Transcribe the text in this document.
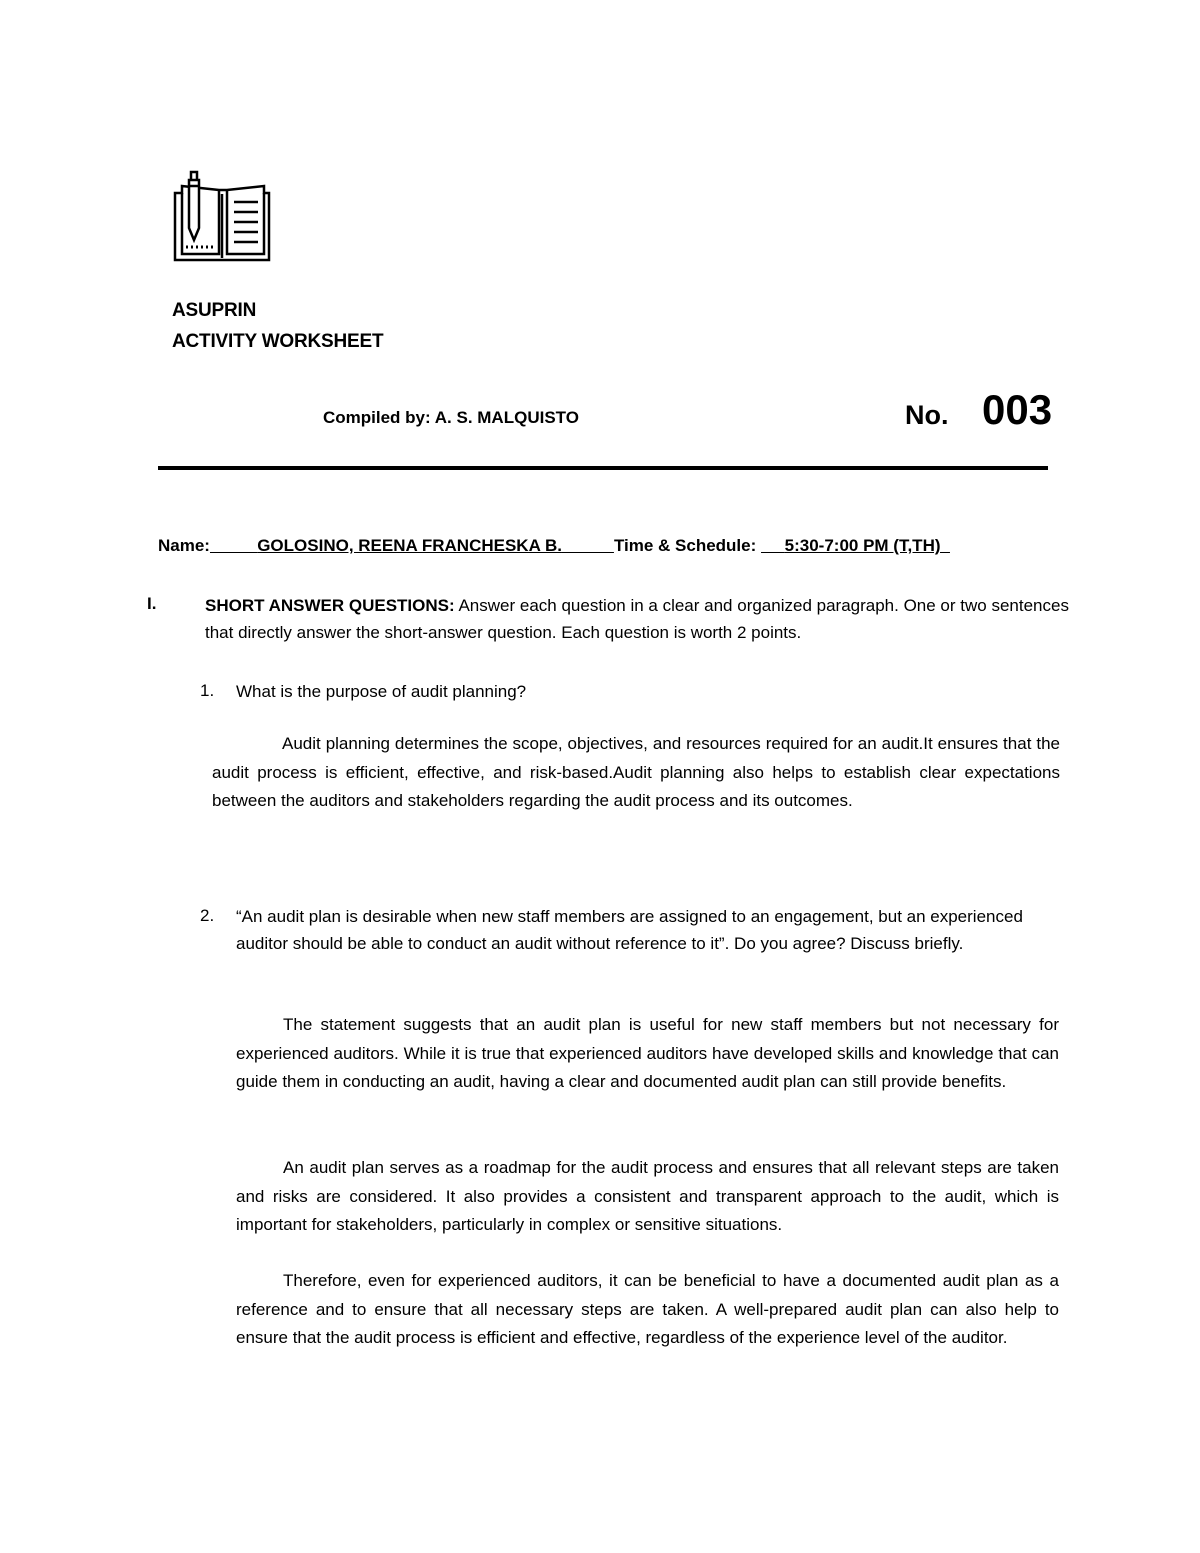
ASUPRIN
ACTIVITY WORKSHEET
Compiled by: A. S. MALQUISTO	No. 003
Name:	GOLOSINO, REENA FRANCHESKA B.	Time & Schedule: 5:30-7:00 PM (T,TH)
I.	SHORT ANSWER QUESTIONS: Answer each question in a clear and organized paragraph. One or two sentences that directly answer the short-answer question. Each question is worth 2 points.
1. What is the purpose of audit planning?
Audit planning determines the scope, objectives, and resources required for an audit.It ensures that the audit process is efficient, effective, and risk-based.Audit planning also helps to establish clear expectations between the auditors and stakeholders regarding the audit process and its outcomes.
2. “An audit plan is desirable when new staff members are assigned to an engagement, but an experienced auditor should be able to conduct an audit without reference to it”. Do you agree? Discuss briefly.
The statement suggests that an audit plan is useful for new staff members but not necessary for experienced auditors. While it is true that experienced auditors have developed skills and knowledge that can guide them in conducting an audit, having a clear and documented audit plan can still provide benefits.
An audit plan serves as a roadmap for the audit process and ensures that all relevant steps are taken and risks are considered. It also provides a consistent and transparent approach to the audit, which is important for stakeholders, particularly in complex or sensitive situations.
Therefore, even for experienced auditors, it can be beneficial to have a documented audit plan as a reference and to ensure that all necessary steps are taken. A well-prepared audit plan can also help to ensure that the audit process is efficient and effective, regardless of the experience level of the auditor.
